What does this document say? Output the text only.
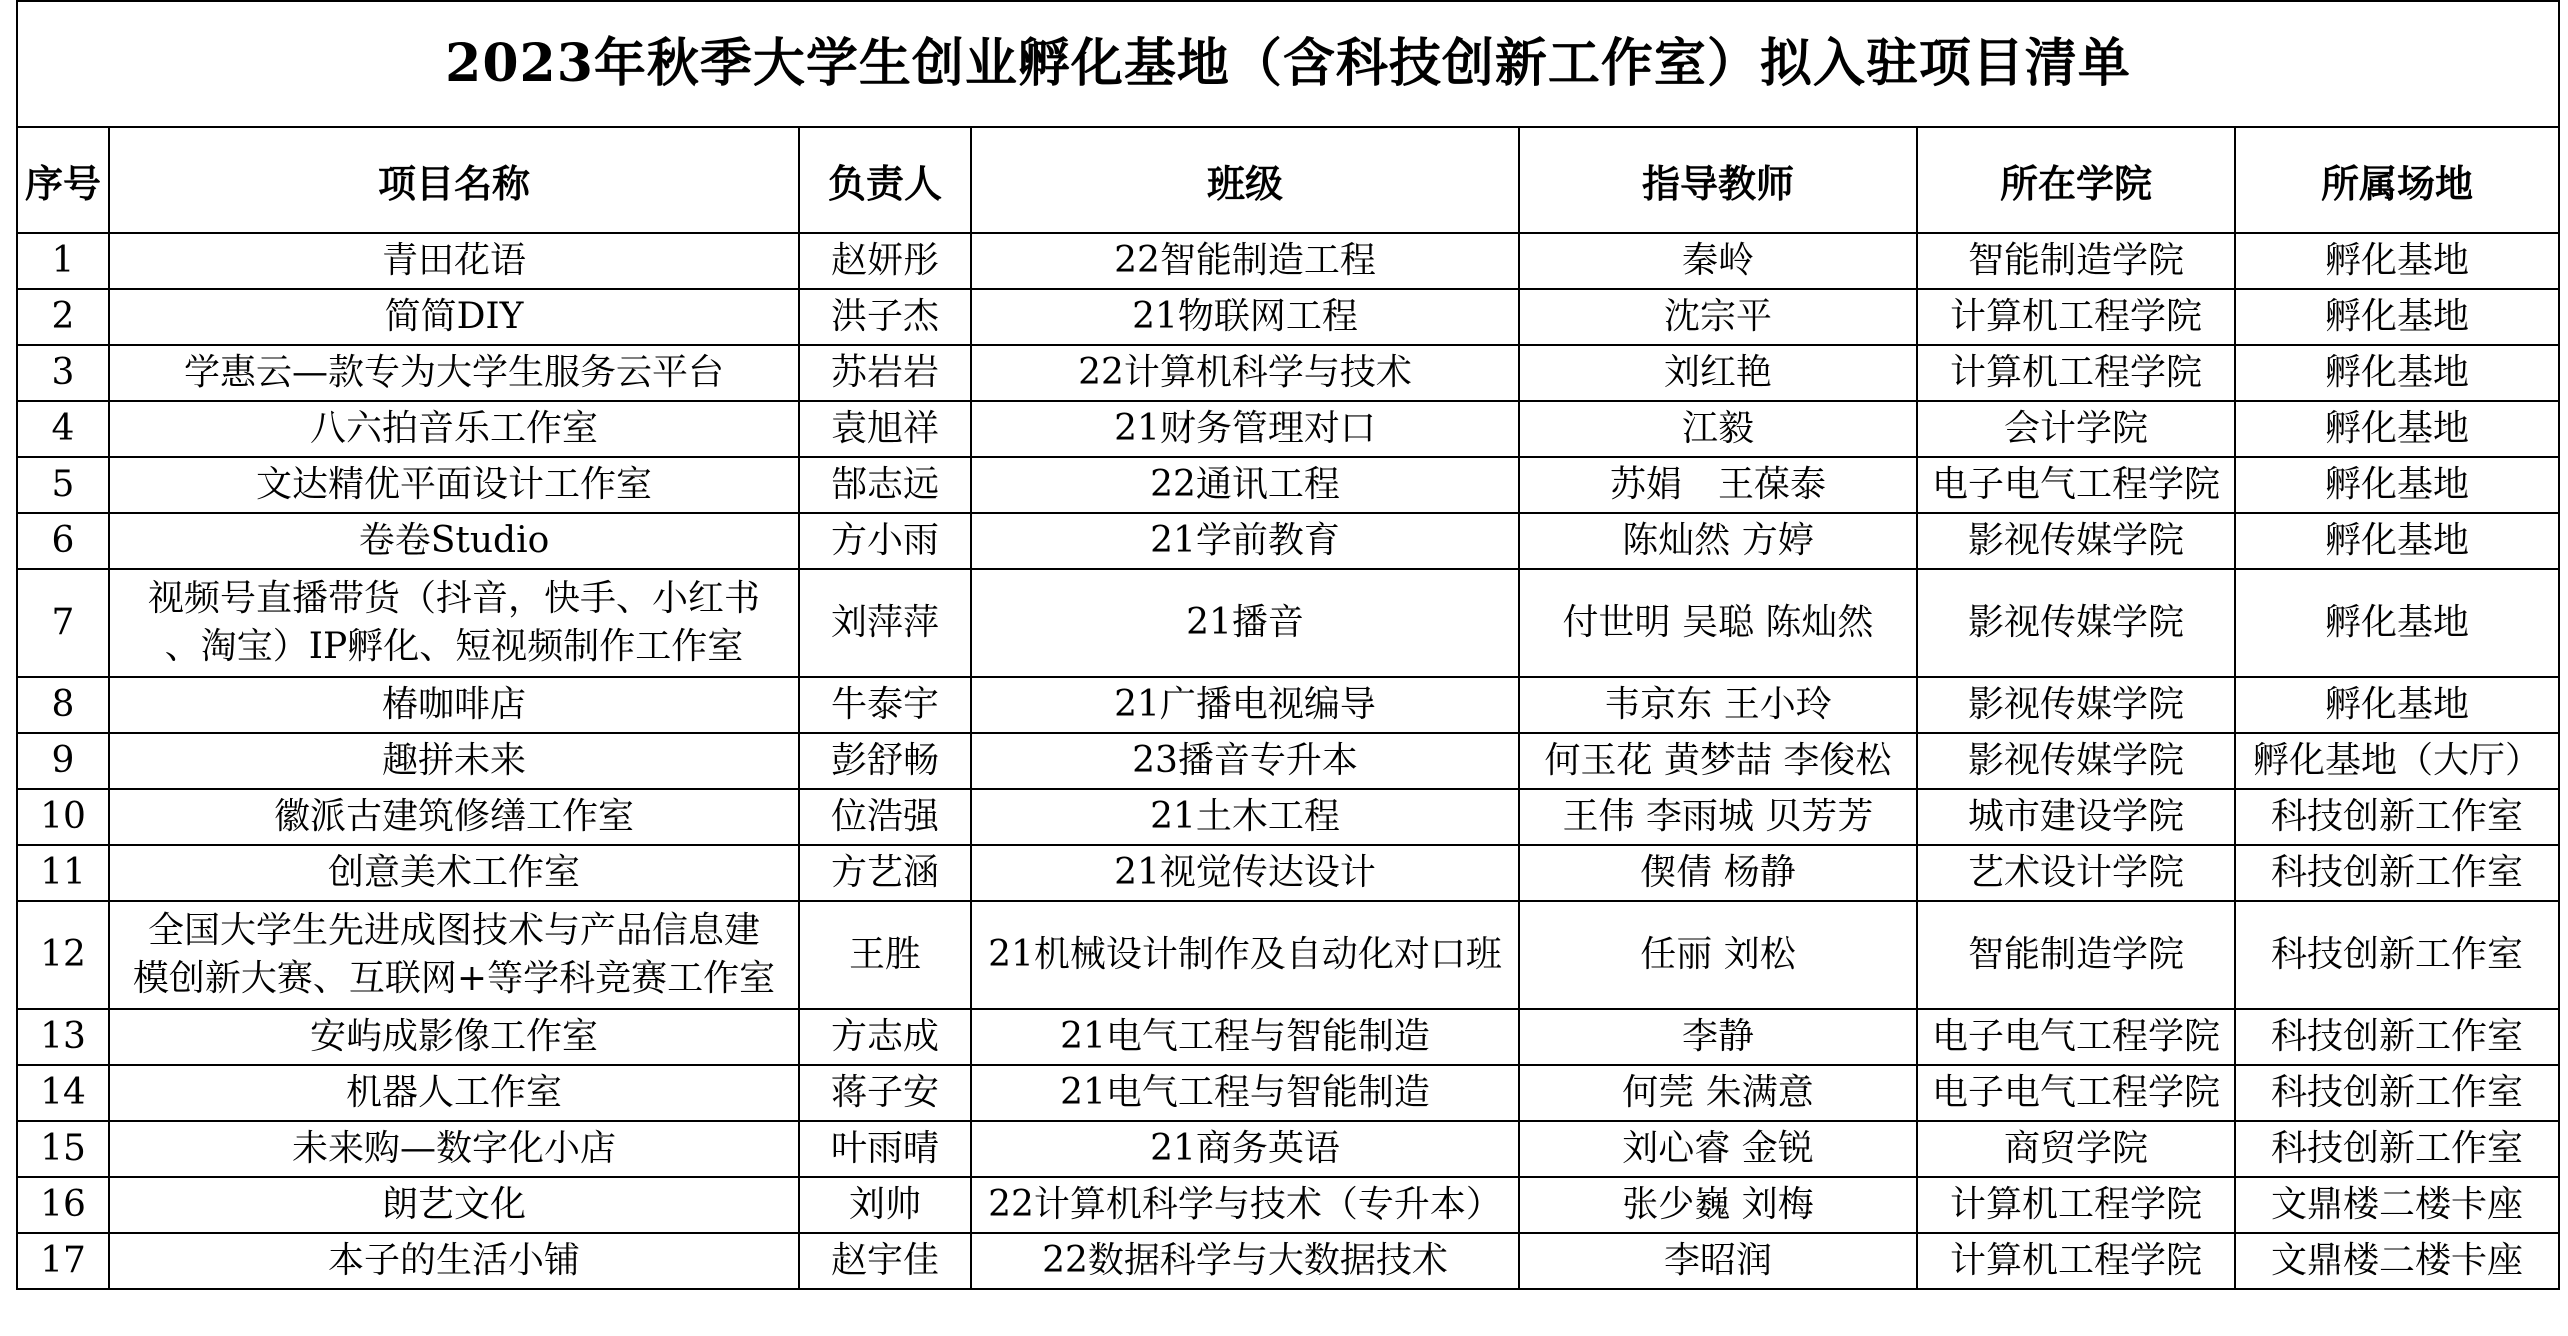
2023年秋季大学生创业孵化基地（含科技创新工作室）拟入驻项目清单						
序号	项目名称	负责人	班级	指导教师	所在学院	所属场地
1	青田花语	赵妍彤	22智能制造工程	秦岭	智能制造学院	孵化基地
2	简简DIY	洪子杰	21物联网工程	沈宗平	计算机工程学院	孵化基地
3	学惠云—款专为大学生服务云平台	苏岩岩	22计算机科学与技术	刘红艳	计算机工程学院	孵化基地
4	八六拍音乐工作室	袁旭祥	21财务管理对口	江毅	会计学院	孵化基地
5	文达精优平面设计工作室	郜志远	22通讯工程	苏娟　王葆泰	电子电气工程学院	孵化基地
6	卷卷Studio	方小雨	21学前教育	陈灿然 方婷	影视传媒学院	孵化基地
7	视频号直播带货（抖音，快手、小红书
、淘宝）IP孵化、短视频制作工作室	刘萍萍	21播音	付世明 吴聪 陈灿然	影视传媒学院	孵化基地
8	椿咖啡店	牛泰宇	21广播电视编导	韦京东 王小玲	影视传媒学院	孵化基地
9	趣拼未来	彭舒畅	23播音专升本	何玉花 黄梦喆 李俊松	影视传媒学院	孵化基地（大厅）
10	徽派古建筑修缮工作室	位浩强	21土木工程	王伟 李雨城 贝芳芳	城市建设学院	科技创新工作室
11	创意美术工作室	方艺涵	21视觉传达设计	偰倩 杨静	艺术设计学院	科技创新工作室
12	全国大学生先进成图技术与产品信息建
模创新大赛、互联网+等学科竞赛工作室	王胜	21机械设计制作及自动化对口班	任丽 刘松	智能制造学院	科技创新工作室
13	安屿成影像工作室	方志成	21电气工程与智能制造	李静	电子电气工程学院	科技创新工作室
14	机器人工作室	蒋子安	21电气工程与智能制造	何莞 朱满意	电子电气工程学院	科技创新工作室
15	未来购—数字化小店	叶雨晴	21商务英语	刘心睿 金锐	商贸学院	科技创新工作室
16	朗艺文化	刘帅	22计算机科学与技术（专升本）	张少巍 刘梅	计算机工程学院	文鼎楼二楼卡座
17	本子的生活小铺	赵宇佳	22数据科学与大数据技术	李昭润	计算机工程学院	文鼎楼二楼卡座
